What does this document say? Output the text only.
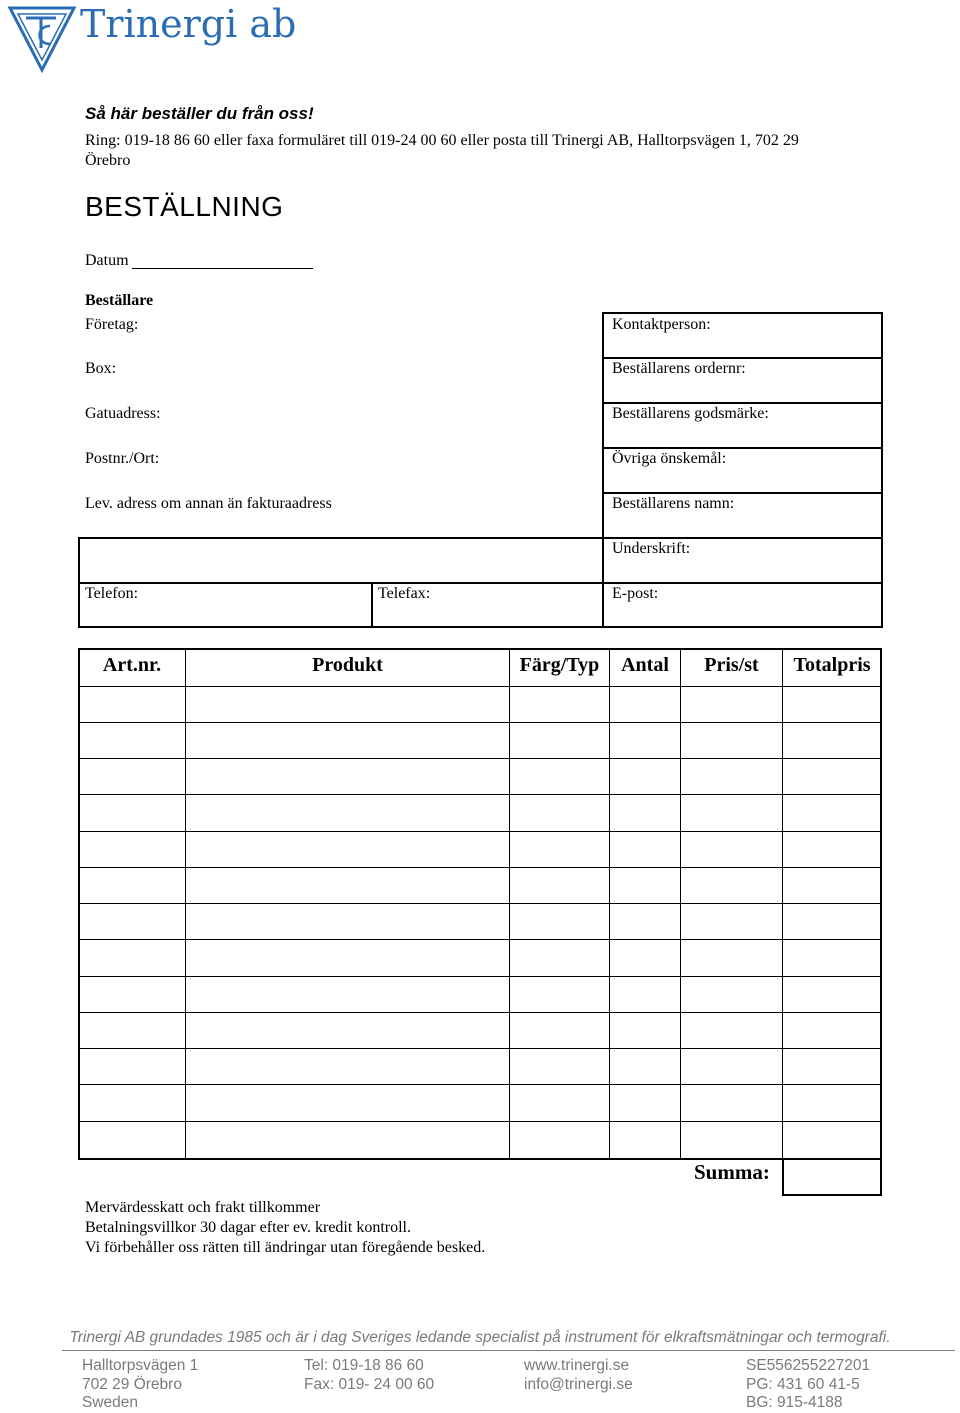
Trinergi ab
Så här beställer du från oss!
Ring: 019-18 86 60 eller faxa formuläret till 019-24 00 60 eller posta till Trinergi AB, Halltorpsvägen 1, 702 29
Örebro
BESTÄLLNING
Datum
Beställare
Företag:
Box:
Gatuadress:
Postnr./Ort:
Lev. adress om annan än fakturaadress
Telefon:	Telefax:
Kontaktperson:
Beställarens ordernr:
Beställarens godsmärke:
Övriga önskemål:
Beställarens namn:
Underskrift:
E-post:
Art.nr.	Produkt	Färg/Typ	Antal	Pris/st	Totalpris
Summa:
Mervärdesskatt och frakt tillkommer
Betalningsvillkor 30 dagar efter ev. kredit kontroll.
Vi förbehåller oss rätten till ändringar utan föregående besked.
Trinergi AB grundades 1985 och är i dag Sveriges ledande specialist på instrument för elkraftsmätningar och termografi.
Halltorpsvägen 1
702 29 Örebro
Sweden
Tel: 019-18 86 60
Fax: 019- 24 00 60
www.trinergi.se
info@trinergi.se
SE556255227201
PG: 431 60 41-5
BG: 915-4188
